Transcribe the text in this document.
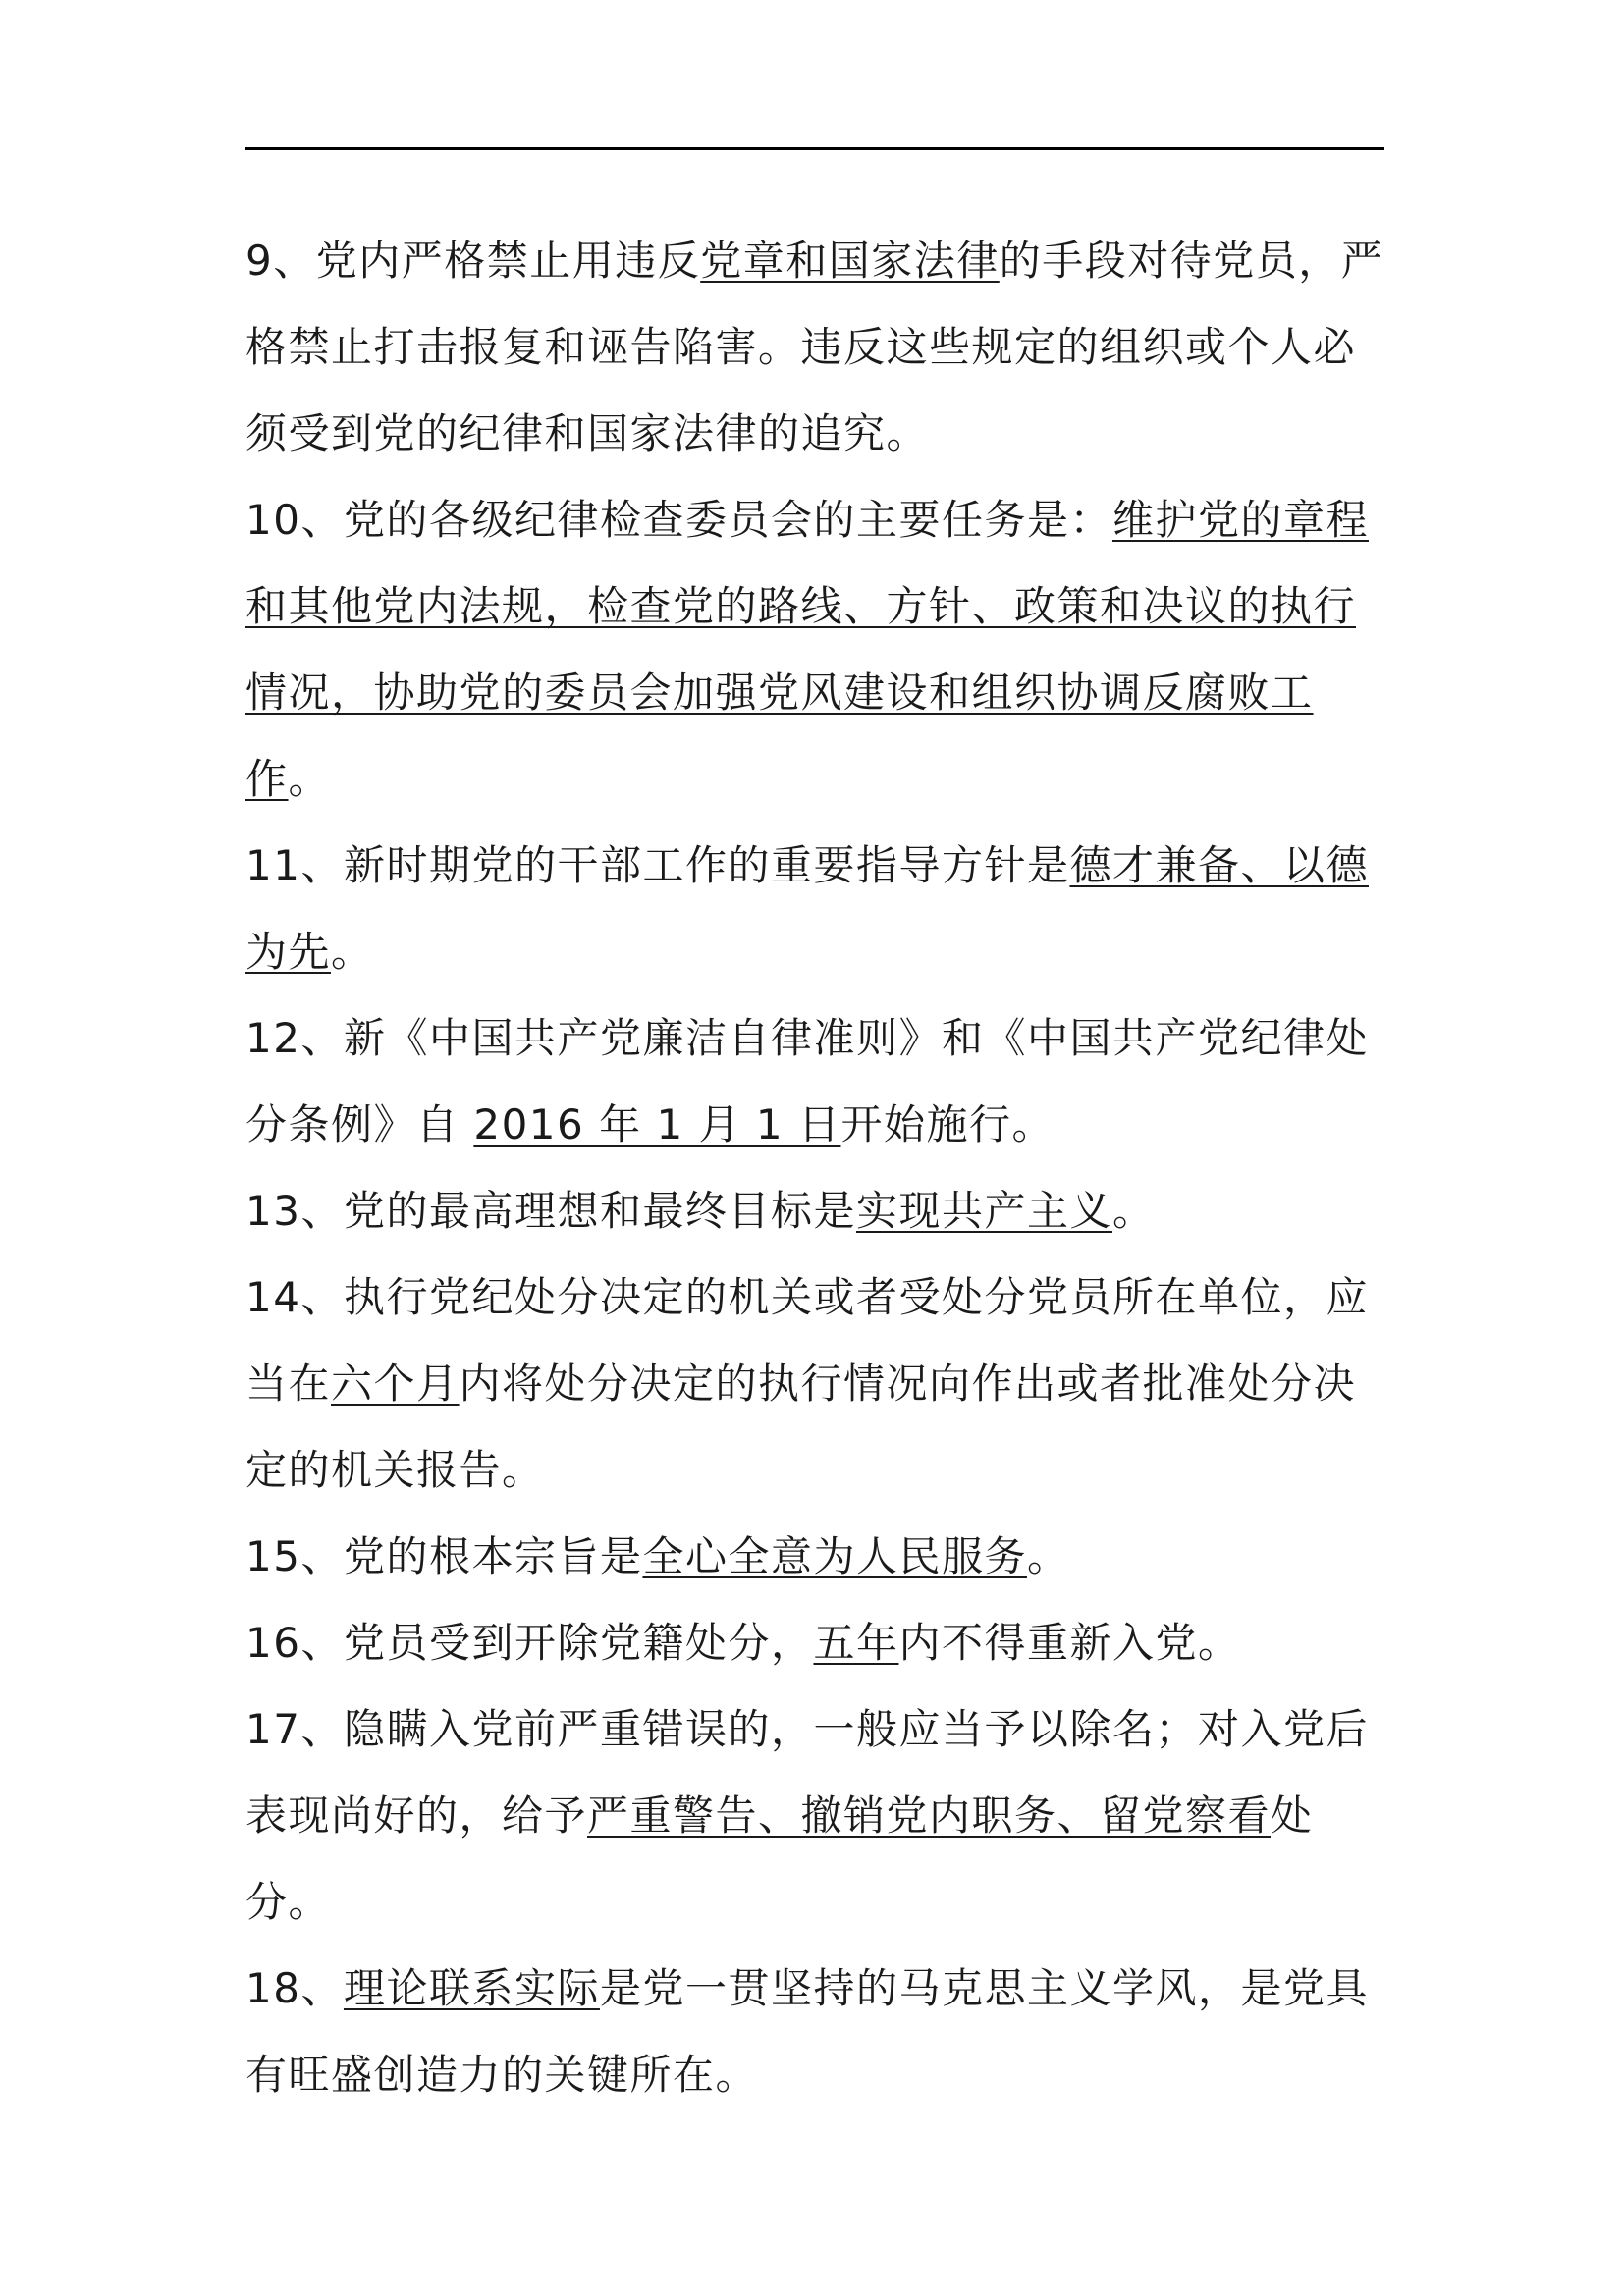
9、党内严格禁止用违反党章和国家法律的手段对待党员，严格禁止打击报复和诬告陷害。违反这些规定的组织或个人必须受到党的纪律和国家法律的追究。

10、党的各级纪律检查委员会的主要任务是：维护党的章程和其他党内法规，检查党的路线、方针、政策和决议的执行情况，协助党的委员会加强党风建设和组织协调反腐败工作。

11、新时期党的干部工作的重要指导方针是德才兼备、以德为先。

12、新《中国共产党廉洁自律准则》和《中国共产党纪律处分条例》自 2016 年 1 月 1 日开始施行。

13、党的最高理想和最终目标是实现共产主义。

14、执行党纪处分决定的机关或者受处分党员所在单位，应当在六个月内将处分决定的执行情况向作出或者批准处分决定的机关报告。

15、党的根本宗旨是全心全意为人民服务。

16、党员受到开除党籍处分，五年内不得重新入党。

17、隐瞒入党前严重错误的，一般应当予以除名；对入党后表现尚好的，给予严重警告、撤销党内职务、留党察看处分。

18、理论联系实际是党一贯坚持的马克思主义学风，是党具有旺盛创造力的关键所在。
